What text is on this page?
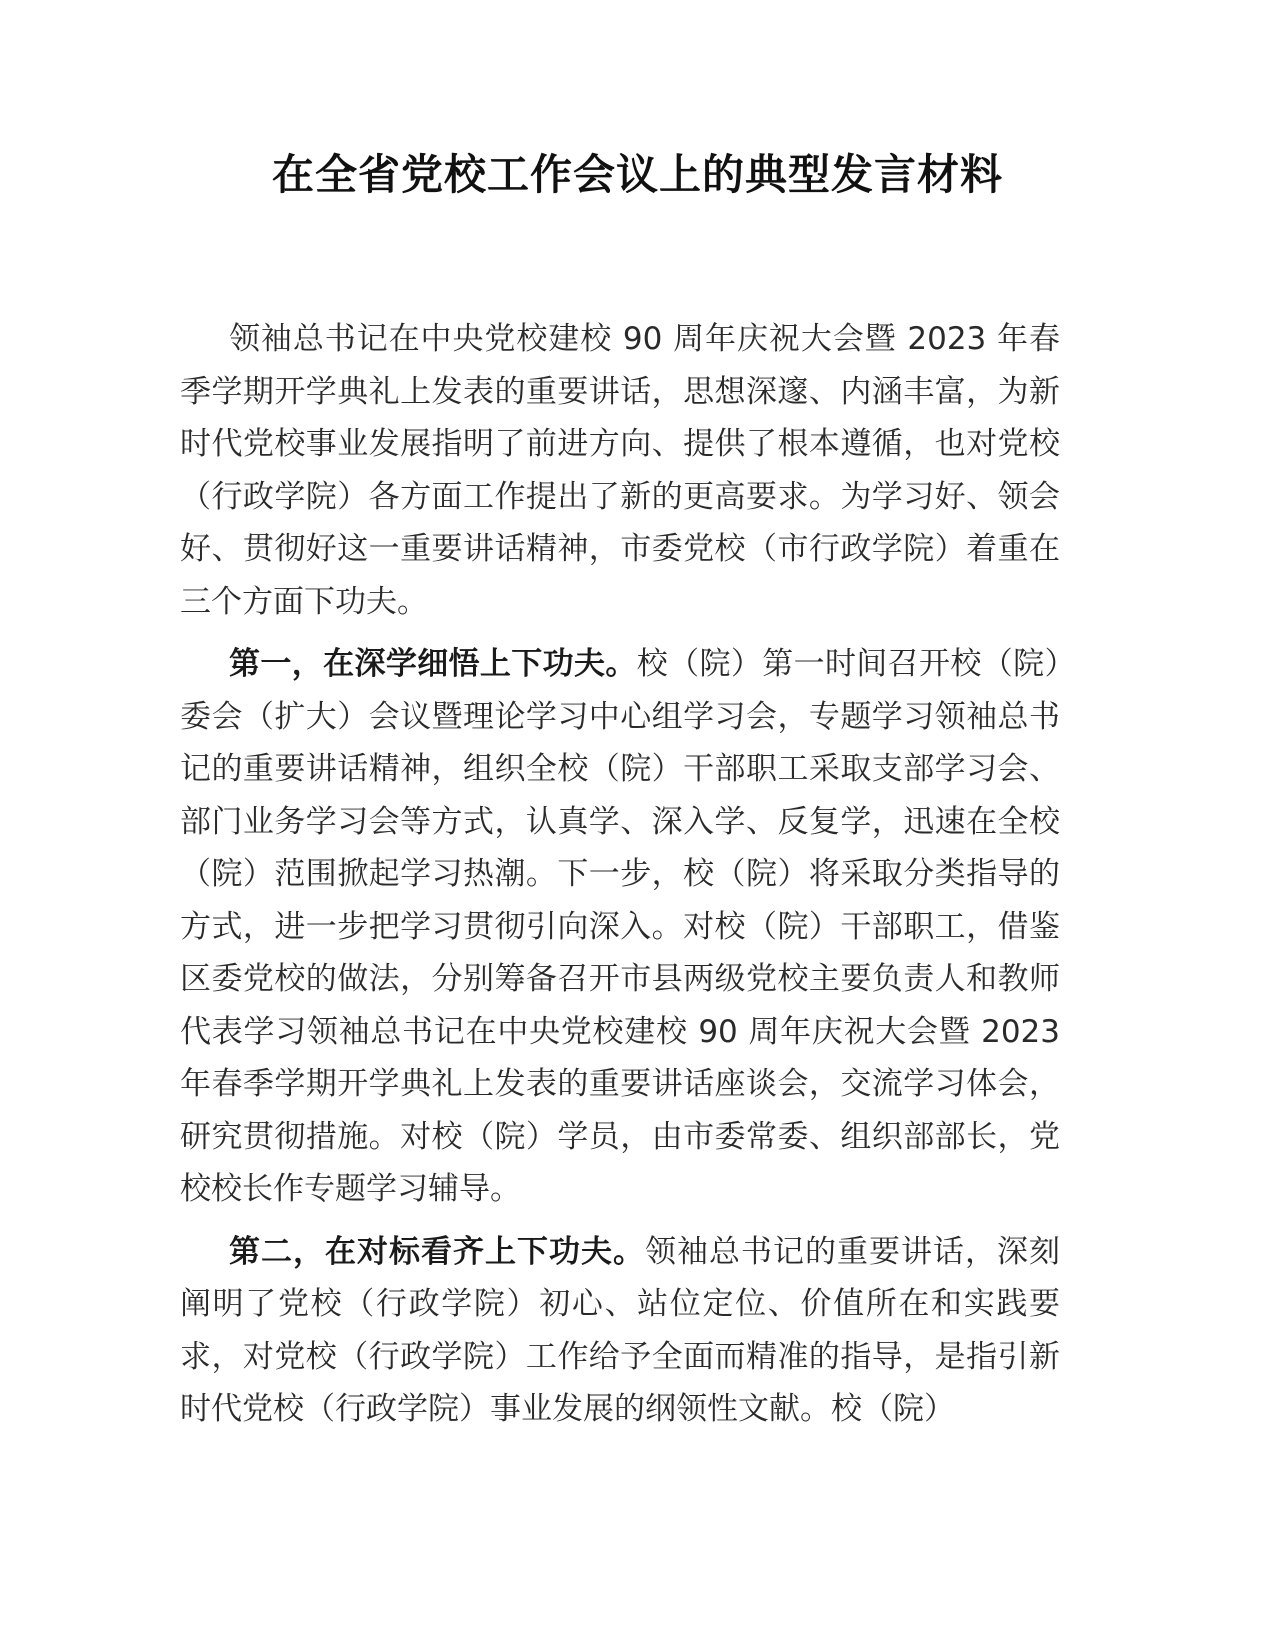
在全省党校工作会议上的典型发言材料

领袖总书记在中央党校建校 90 周年庆祝大会暨 2023 年春季学期开学典礼上发表的重要讲话，思想深邃、内涵丰富，为新时代党校事业发展指明了前进方向、提供了根本遵循，也对党校（行政学院）各方面工作提出了新的更高要求。为学习好、领会好、贯彻好这一重要讲话精神，市委党校（市行政学院）着重在三个方面下功夫。

第一，在深学细悟上下功夫。校（院）第一时间召开校（院）委会（扩大）会议暨理论学习中心组学习会，专题学习领袖总书记的重要讲话精神，组织全校（院）干部职工采取支部学习会、部门业务学习会等方式，认真学、深入学、反复学，迅速在全校（院）范围掀起学习热潮。下一步，校（院）将采取分类指导的方式，进一步把学习贯彻引向深入。对校（院）干部职工，借鉴区委党校的做法，分别筹备召开市县两级党校主要负责人和教师代表学习领袖总书记在中央党校建校 90 周年庆祝大会暨 2023 年春季学期开学典礼上发表的重要讲话座谈会，交流学习体会，研究贯彻措施。对校（院）学员，由市委常委、组织部部长，党校校长作专题学习辅导。

第二，在对标看齐上下功夫。领袖总书记的重要讲话，深刻阐明了党校（行政学院）初心、站位定位、价值所在和实践要求，对党校（行政学院）工作给予全面而精准的指导，是指引新时代党校（行政学院）事业发展的纲领性文献。校（院）
